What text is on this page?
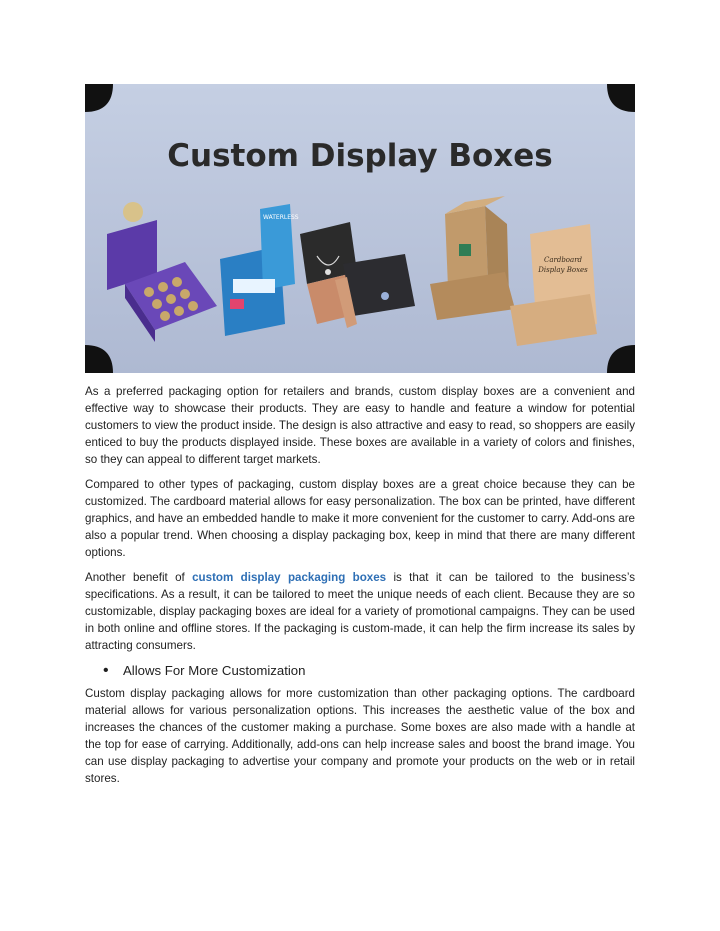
Custom Display Boxes
WATERLESS
Cardboard
Display Boxes

As a preferred packaging option for retailers and brands, custom display boxes are a convenient and effective way to showcase their products. They are easy to handle and feature a window for potential customers to view the product inside. The design is also attractive and easy to read, so shoppers are easily enticed to buy the products displayed inside. These boxes are available in a variety of colors and finishes, so they can appeal to different target markets.

Compared to other types of packaging, custom display boxes are a great choice because they can be customized. The cardboard material allows for easy personalization. The box can be printed, have different graphics, and have an embedded handle to make it more convenient for the customer to carry. Add-ons are also a popular trend. When choosing a display packaging box, keep in mind that there are many different options.

Another benefit of custom display packaging boxes is that it can be tailored to the business’s specifications. As a result, it can be tailored to meet the unique needs of each client. Because they are so customizable, display packaging boxes are ideal for a variety of promotional campaigns. They can be used in both online and offline stores. If the packaging is custom-made, it can help the firm increase its sales by attracting consumers.

•	Allows For More Customization

Custom display packaging allows for more customization than other packaging options. The cardboard material allows for various personalization options. This increases the aesthetic value of the box and increases the chances of the customer making a purchase. Some boxes are also made with a handle at the top for ease of carrying. Additionally, add-ons can help increase sales and boost the brand image. You can use display packaging to advertise your company and promote your products on the web or in retail stores.
